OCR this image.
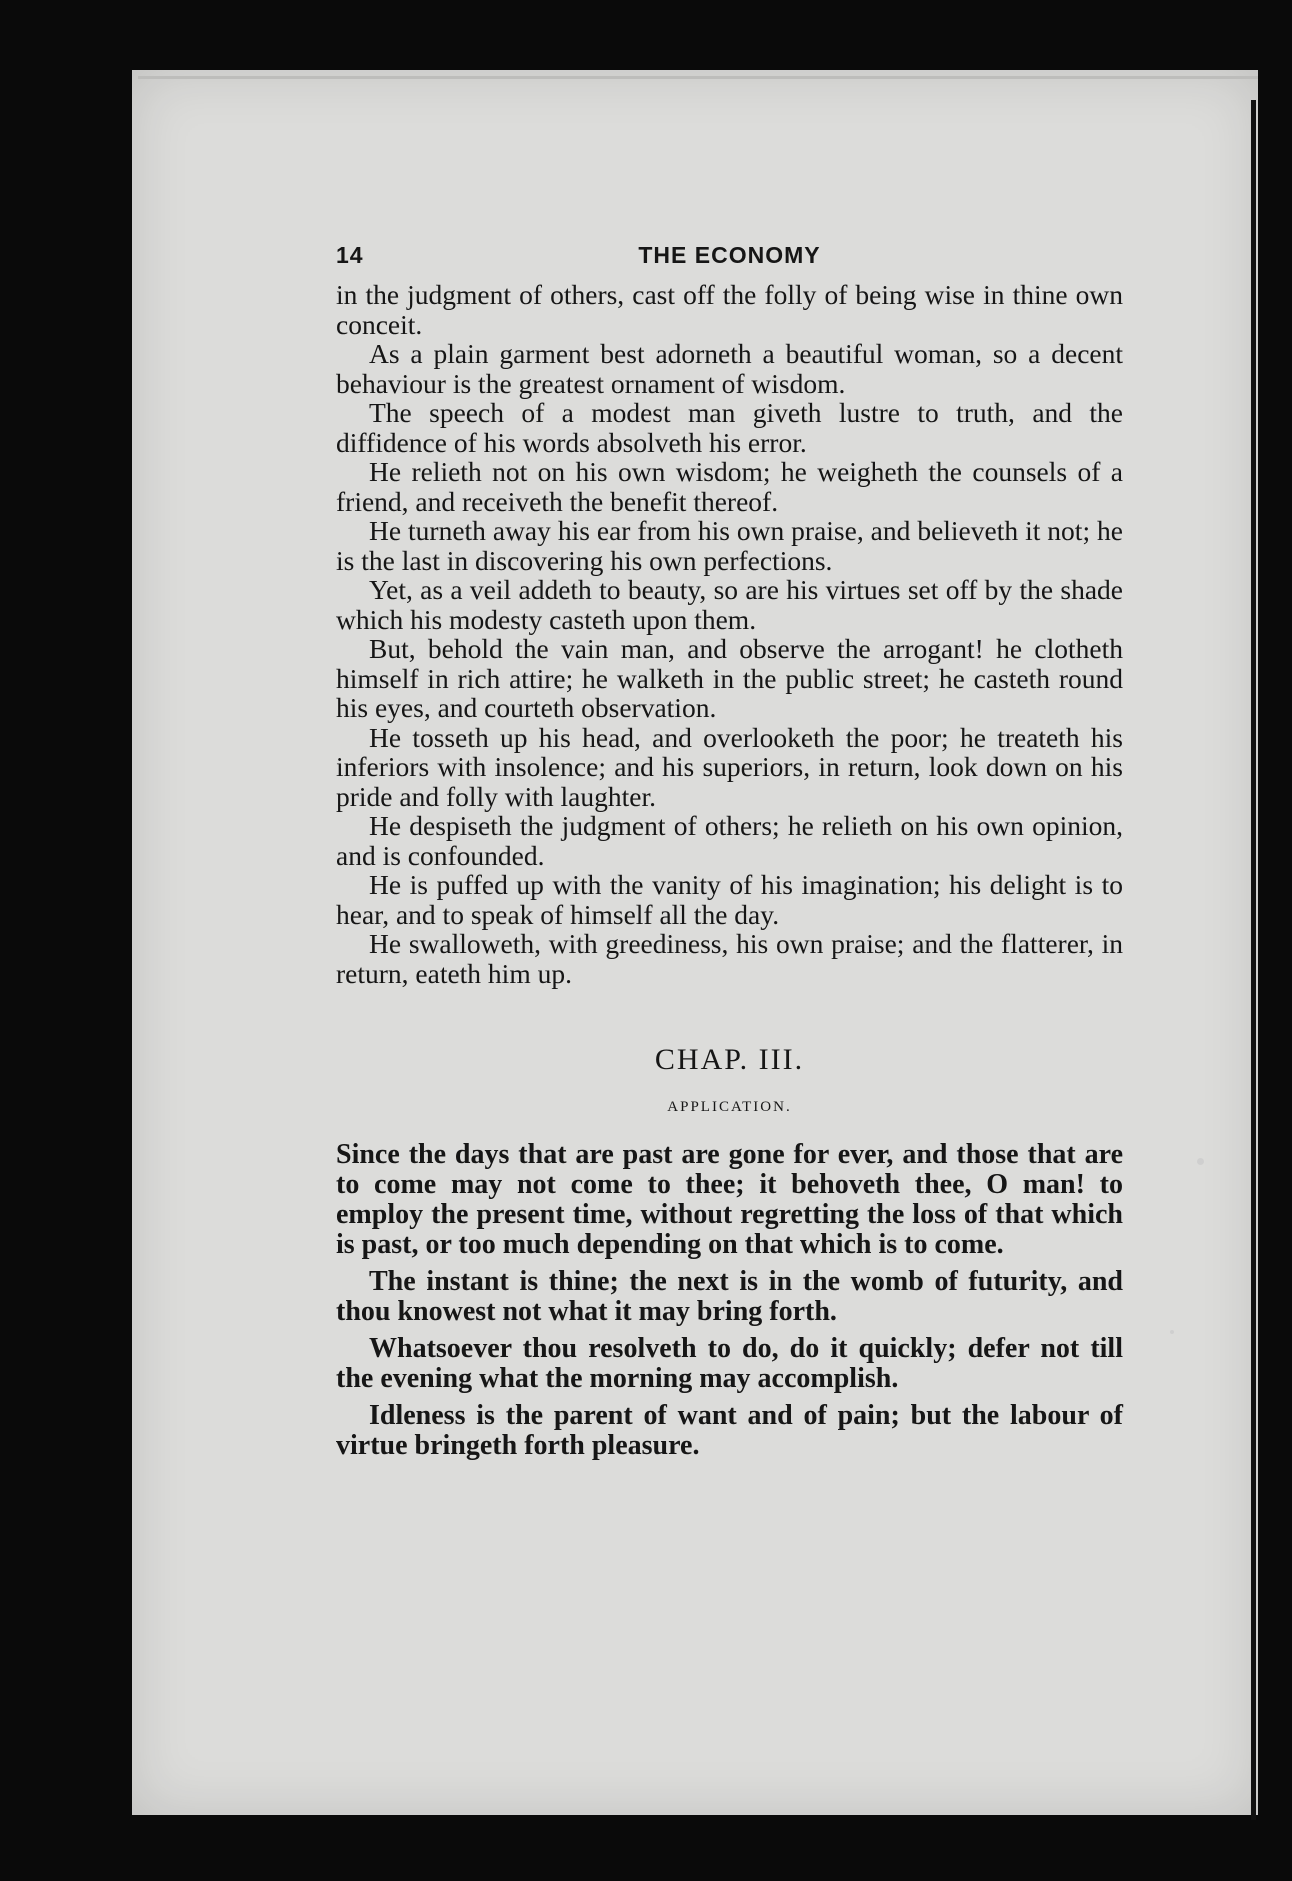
14	THE ECONOMY

in the judgment of others, cast off the folly of being wise in thine own conceit.

As a plain garment best adorneth a beautiful woman, so a decent behaviour is the greatest ornament of wisdom.

The speech of a modest man giveth lustre to truth, and the diffidence of his words absolveth his error.

He relieth not on his own wisdom; he weigheth the counsels of a friend, and receiveth the benefit thereof.

He turneth away his ear from his own praise, and believeth it not; he is the last in discovering his own perfections.

Yet, as a veil addeth to beauty, so are his virtues set off by the shade which his modesty casteth upon them.

But, behold the vain man, and observe the arrogant! he clotheth himself in rich attire; he walketh in the public street; he casteth round his eyes, and courteth observation.

He tosseth up his head, and overlooketh the poor; he treateth his inferiors with insolence; and his superiors, in return, look down on his pride and folly with laughter.

He despiseth the judgment of others; he relieth on his own opinion, and is confounded.

He is puffed up with the vanity of his imagination; his delight is to hear, and to speak of himself all the day.

He swalloweth, with greediness, his own praise; and the flatterer, in return, eateth him up.

CHAP. III.
APPLICATION.

Since the days that are past are gone for ever, and those that are to come may not come to thee; it behoveth thee, O man! to employ the present time, without regretting the loss of that which is past, or too much depending on that which is to come.

The instant is thine; the next is in the womb of futurity, and thou knowest not what it may bring forth.

Whatsoever thou resolveth to do, do it quickly; defer not till the evening what the morning may accomplish.

Idleness is the parent of want and of pain; but the labour of virtue bringeth forth pleasure.
